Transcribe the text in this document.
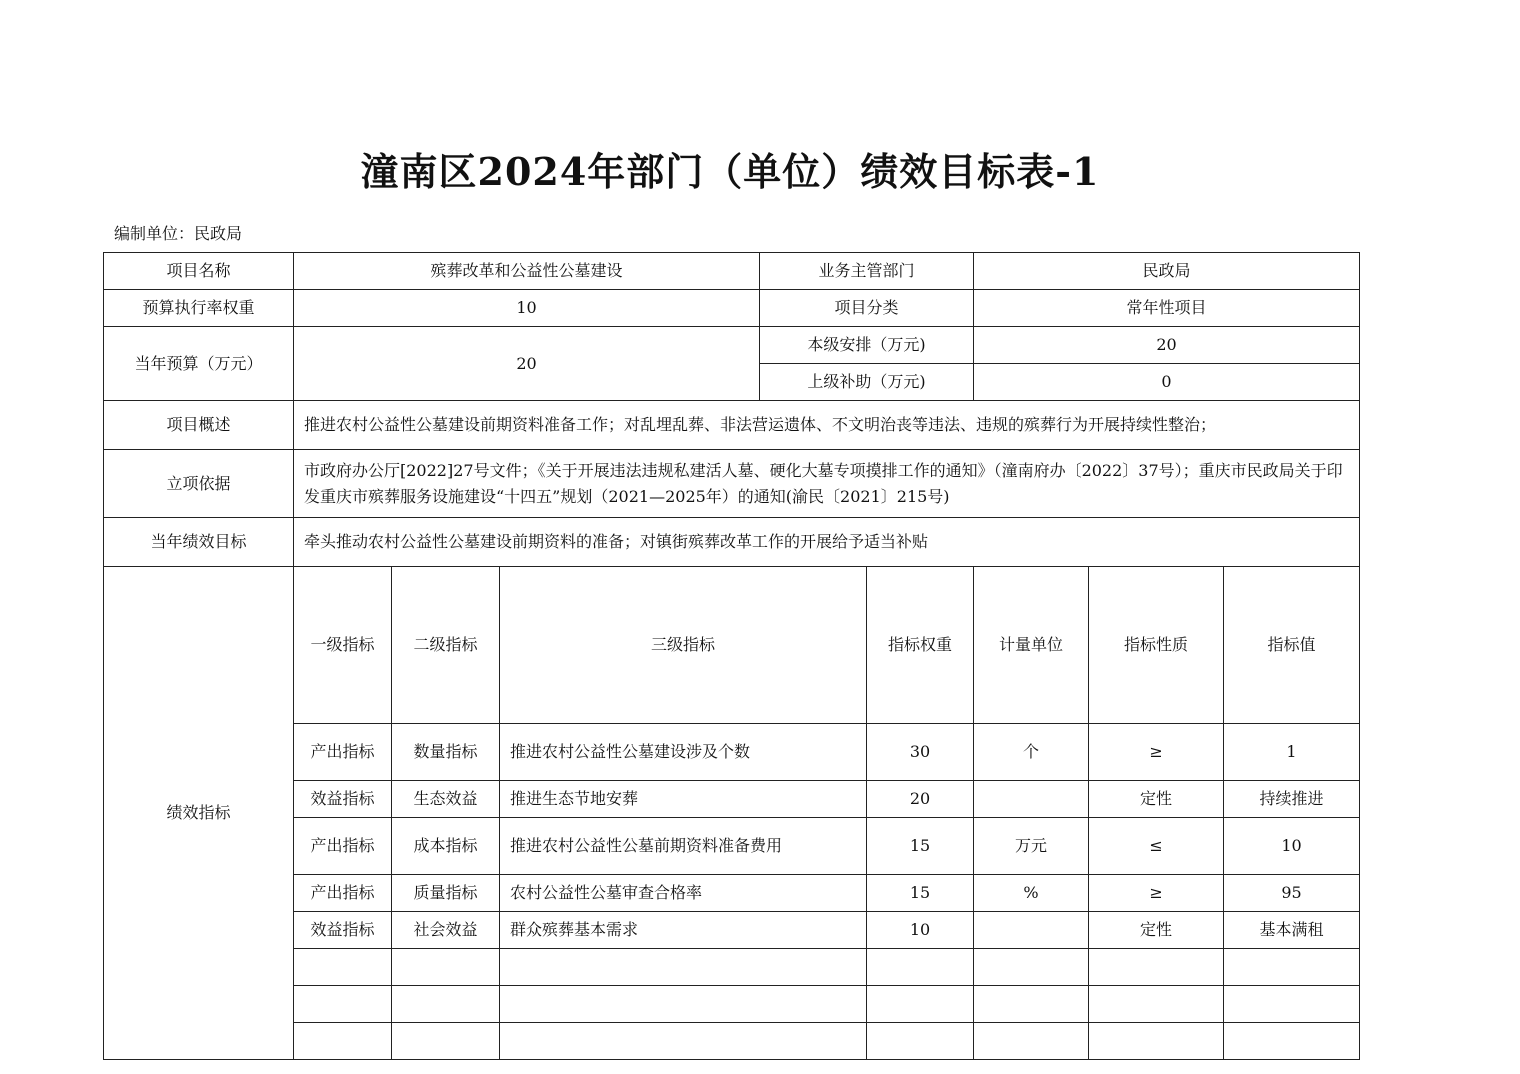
潼南区2024年部门（单位）绩效目标表-1
编制单位：民政局
项目名称	殡葬改革和公益性公墓建设			业务主管部门		民政局			
预算执行率权重	10			项目分类		常年性项目			
当年预算（万元）	20			本级安排（万元)		20			
				上级补助（万元)		0			
项目概述	推进农村公益性公墓建设前期资料准备工作；对乱埋乱葬、非法营运遗体、不文明治丧等违法、违规的殡葬行为开展持续性整治；								
立项依据	市政府办公厅[2022]27号文件；《关于开展违法违规私建活人墓、硬化大墓专项摸排工作的通知》（潼南府办〔2022〕37号）；重庆市民政局关于印发重庆市殡葬服务设施建设“十四五”规划（2021—2025年）的通知(渝民〔2021〕215号)								
当年绩效目标	牵头推动农村公益性公墓建设前期资料的准备；对镇街殡葬改革工作的开展给予适当补贴								
绩效指标	一级指标	二级指标	三级指标		指标权重	计量单位	指标性质	指标值	
	产出指标	数量指标	推进农村公益性公墓建设涉及个数		30	个	≥	1	
	效益指标	生态效益	推进生态节地安葬		20		定性	持续推进	
	产出指标	成本指标	推进农村公益性公墓前期资料准备费用		15	万元	≤	10	
	产出指标	质量指标	农村公益性公墓审查合格率		15	%	≥	95	
	效益指标	社会效益	群众殡葬基本需求		10		定性	基本满租	
